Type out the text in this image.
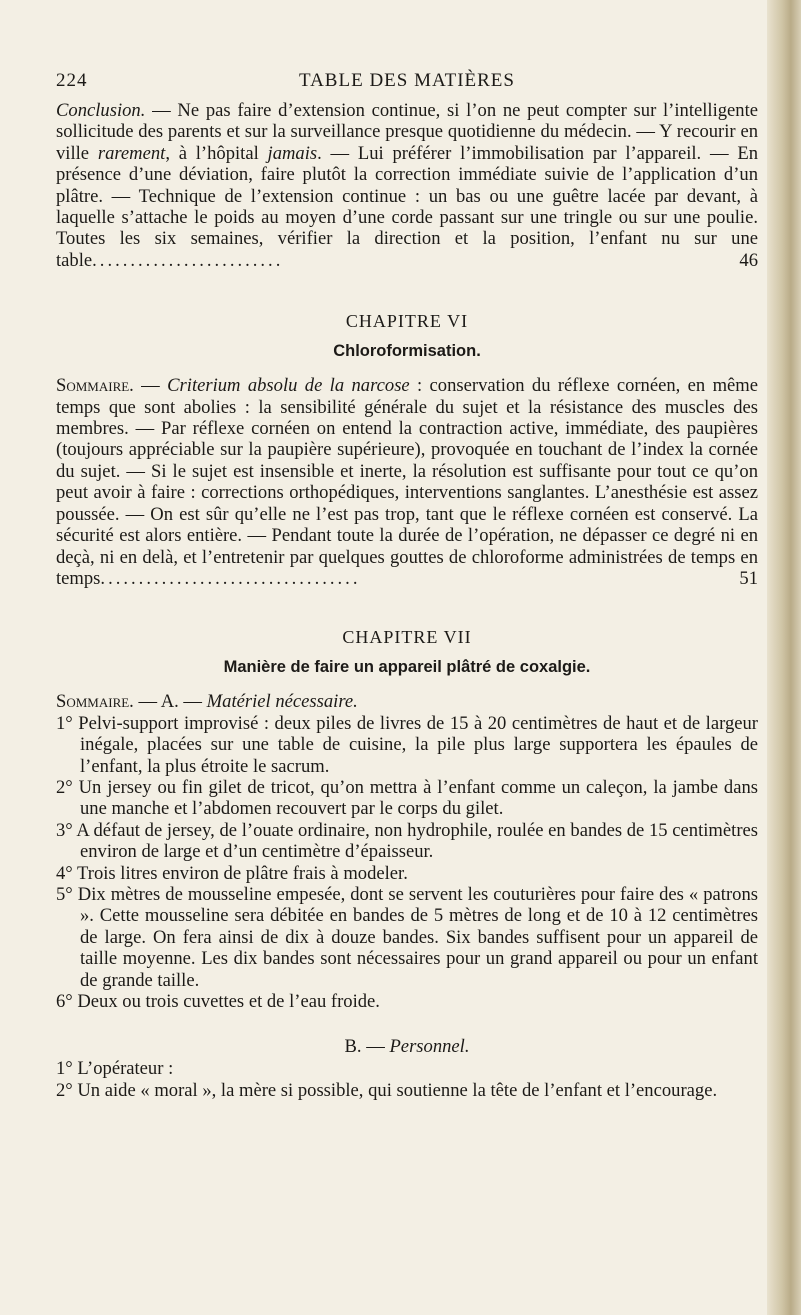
224	TABLE DES MATIÈRES

Conclusion. — Ne pas faire d’extension continue, si l’on ne peut compter sur l’intelligente sollicitude des parents et sur la surveillance presque quotidienne du médecin. — Y recourir en ville rarement, à l’hôpital jamais. — Lui préférer l’immobilisation par l’appareil. — En présence d’une déviation, faire plutôt la correction immédiate suivie de l’application d’un plâtre. — Technique de l’extension continue : un bas ou une guêtre lacée par devant, à laquelle s’attache le poids au moyen d’une corde passant sur une tringle ou sur une poulie. Toutes les six semaines, vérifier la direction et la position, l’enfant nu sur une table.........................	46

CHAPITRE VI
Chloroformisation.

Sommaire. — Criterium absolu de la narcose : conservation du réflexe cornéen, en même temps que sont abolies : la sensibilité générale du sujet et la résistance des muscles des membres. — Par réflexe cornéen on entend la contraction active, immédiate, des paupières (toujours appréciable sur la paupière supérieure), provoquée en touchant de l’index la cornée du sujet. — Si le sujet est insensible et inerte, la résolution est suffisante pour tout ce qu’on peut avoir à faire : corrections orthopédiques, interventions sanglantes. L’anesthésie est assez poussée. — On est sûr qu’elle ne l’est pas trop, tant que le réflexe cornéen est conservé. La sécurité est alors entière. — Pendant toute la durée de l’opération, ne dépasser ce degré ni en deçà, ni en delà, et l’entretenir par quelques gouttes de chloroforme administrées de temps en temps..................................	51

CHAPITRE VII
Manière de faire un appareil plâtré de coxalgie.

Sommaire. — A. — Matériel nécessaire.

1° Pelvi-support improvisé : deux piles de livres de 15 à 20 centimètres de haut et de largeur inégale, placées sur une table de cuisine, la pile plus large supportera les épaules de l’enfant, la plus étroite le sacrum.

2° Un jersey ou fin gilet de tricot, qu’on mettra à l’enfant comme un caleçon, la jambe dans une manche et l’abdomen recouvert par le corps du gilet.

3° A défaut de jersey, de l’ouate ordinaire, non hydrophile, roulée en bandes de 15 centimètres environ de large et d’un centimètre d’épaisseur.

4° Trois litres environ de plâtre frais à modeler.

5° Dix mètres de mousseline empesée, dont se servent les couturières pour faire des « patrons ». Cette mousseline sera débitée en bandes de 5 mètres de long et de 10 à 12 centimètres de large. On fera ainsi de dix à douze bandes. Six bandes suffisent pour un appareil de taille moyenne. Les dix bandes sont nécessaires pour un grand appareil ou pour un enfant de grande taille.

6° Deux ou trois cuvettes et de l’eau froide.

B. — Personnel.

1° L’opérateur :

2° Un aide « moral », la mère si possible, qui soutienne la tête de l’enfant et l’encourage.
